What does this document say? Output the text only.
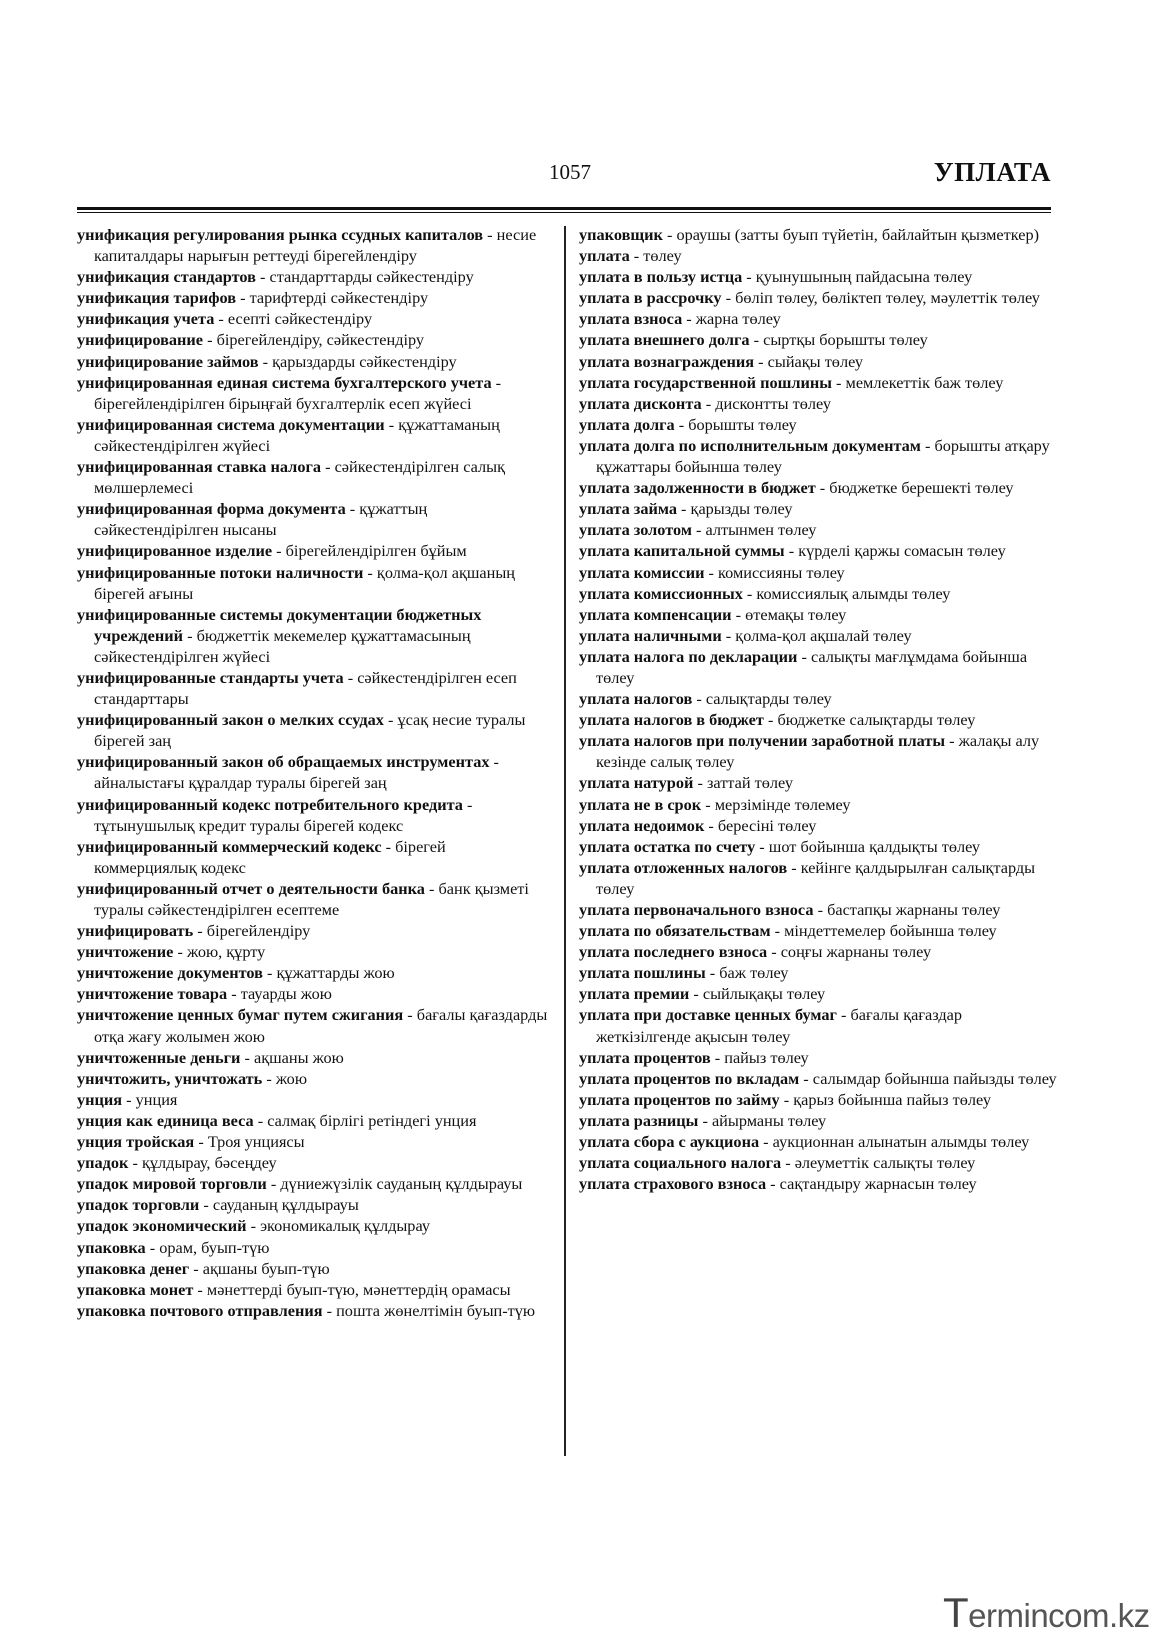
1057	УПЛАТА
унификация регулирования рынка ссудных капиталов - несие капиталдары нарығын реттеуді бірегейлендіру
унификация стандартов - стандарттарды сәйкестендіру
унификация тарифов - тарифтерді сәйкестендіру
унификация учета - есепті сәйкестендіру
унифицирование - бірегейлендіру, сәйкестендіру
унифицирование займов - қарыздарды сәйкестендіру
унифицированная единая система бухгалтерского учета - бірегейлендірілген бірыңғай бухгалтерлік есеп жүйесі
унифицированная система документации - құжаттаманың сәйкестендірілген жүйесі
унифицированная ставка налога - сәйкестендірілген салық мөлшерлемесі
унифицированная форма документа - құжаттың сәйкестендірілген нысаны
унифицированное изделие - бірегейлендірілген бұйым
унифицированные потоки наличности - қолма-қол ақшаның бірегей ағыны
унифицированные системы документации бюджетных учреждений - бюджеттік мекемелер құжаттамасының сәйкестендірілген жүйесі
унифицированные стандарты учета - сәйкестендірілген есеп стандарттары
унифицированный закон о мелких ссудах - ұсақ несие туралы бірегей заң
унифицированный закон об обращаемых инструментах - айналыстағы құралдар туралы бірегей заң
унифицированный кодекс потребительного кредита - тұтынушылық кредит туралы бірегей кодекс
унифицированный коммерческий кодекс - бірегей коммерциялық кодекс
унифицированный отчет о деятельности банка - банк қызметі туралы сәйкестендірілген есептеме
унифицировать - бірегейлендіру
уничтожение - жою, құрту
уничтожение документов - құжаттарды жою
уничтожение товара - тауарды жою
уничтожение ценных бумаг путем сжигания - бағалы қағаздарды отқа жағу жолымен жою
уничтоженные деньги - ақшаны жою
уничтожить, уничтожать - жою
унция - унция
унция как единица веса - салмақ бірлігі ретіндегі унция
унция тройская - Троя унциясы
упадок - құлдырау, бәсеңдеу
упадок мировой торговли - дүниежүзілік сауданың құлдырауы
упадок торговли - сауданың құлдырауы
упадок экономический - экономикалық құлдырау
упаковка - орам, буып-түю
упаковка денег - ақшаны буып-түю
упаковка монет - мәнеттерді буып-түю, мәнеттердің орамасы
упаковка почтового отправления - пошта жөнелтімін буып-түю
упаковщик - ораушы (затты буып түйетін, байлайтын қызметкер)
уплата - төлеу
уплата в пользу истца - қуынушының пайдасына төлеу
уплата в рассрочку - бөліп төлеу, бөліктеп төлеу, мәулеттік төлеу
уплата взноса - жарна төлеу
уплата внешнего долга - сыртқы борышты төлеу
уплата вознаграждения - сыйақы төлеу
уплата государственной пошлины - мемлекеттік баж төлеу
уплата дисконта - дисконтты төлеу
уплата долга - борышты төлеу
уплата долга по исполнительным документам - борышты атқару құжаттары бойынша төлеу
уплата задолженности в бюджет - бюджетке берешекті төлеу
уплата займа - қарызды төлеу
уплата золотом - алтынмен төлеу
уплата капитальной суммы - күрделі қаржы сомасын төлеу
уплата комиссии - комиссияны төлеу
уплата комиссионных - комиссиялық алымды төлеу
уплата компенсации - өтемақы төлеу
уплата наличными - қолма-қол ақшалай төлеу
уплата налога по декларации - салықты мағлұмдама бойынша төлеу
уплата налогов - салықтарды төлеу
уплата налогов в бюджет - бюджетке салықтарды төлеу
уплата налогов при получении заработной платы - жалақы алу кезінде салық төлеу
уплата натурой - заттай төлеу
уплата не в срок - мерзімінде төлемеу
уплата недоимок - бересіні төлеу
уплата остатка по счету - шот бойынша қалдықты төлеу
уплата отложенных налогов - кейінге қалдырылған салықтарды төлеу
уплата первоначального взноса - бастапқы жарнаны төлеу
уплата по обязательствам - міндеттемелер бойынша төлеу
уплата последнего взноса - соңғы жарнаны төлеу
уплата пошлины - баж төлеу
уплата премии - сыйлықақы төлеу
уплата при доставке ценных бумаг - бағалы қағаздар жеткізілгенде ақысын төлеу
уплата процентов - пайыз төлеу
уплата процентов по вкладам - салымдар бойынша пайызды төлеу
уплата процентов по займу - қарыз бойынша пайыз төлеу
уплата разницы - айырманы төлеу
уплата сбора с аукциона - аукционнан алынатын алымды төлеу
уплата социального налога - әлеуметтік салықты төлеу
уплата страхового взноса - сақтандыру жарнасын төлеу
Termincom.kz
